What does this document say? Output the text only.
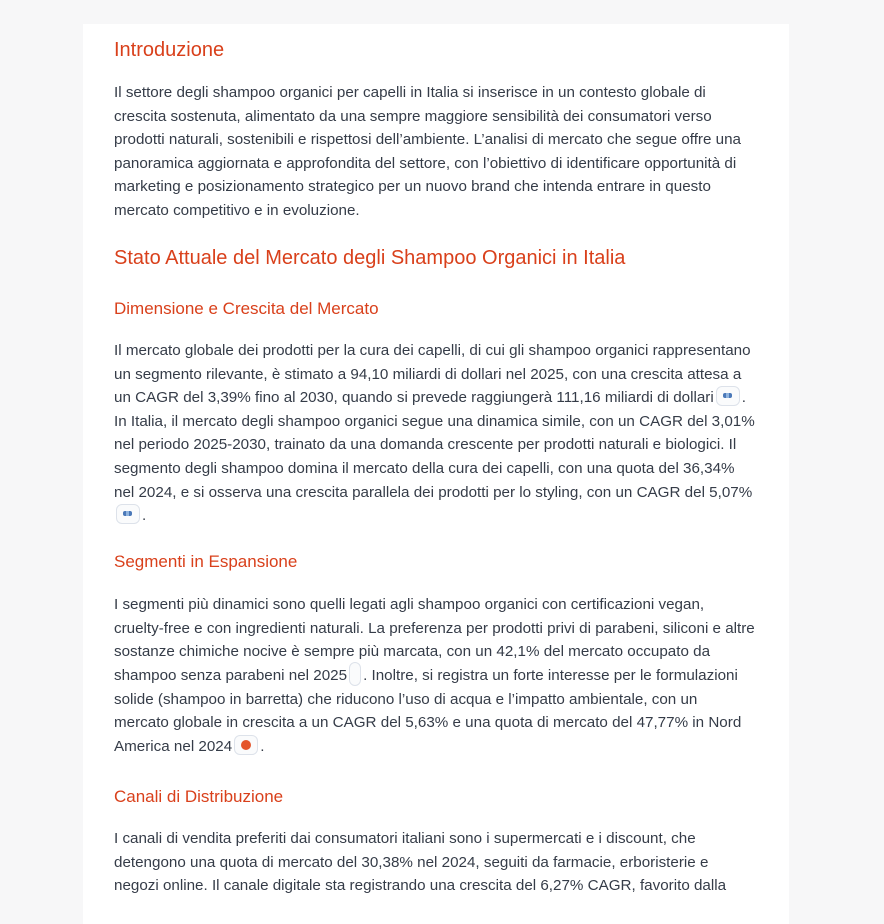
Introduzione

Il settore degli shampoo organici per capelli in Italia si inserisce in un contesto globale di crescita sostenuta, alimentato da una sempre maggiore sensibilità dei consumatori verso prodotti naturali, sostenibili e rispettosi dell’ambiente. L’analisi di mercato che segue offre una panoramica aggiornata e approfondita del settore, con l’obiettivo di identificare opportunità di marketing e posizionamento strategico per un nuovo brand che intenda entrare in questo mercato competitivo e in evoluzione.

Stato Attuale del Mercato degli Shampoo Organici in Italia
Dimensione e Crescita del Mercato

Il mercato globale dei prodotti per la cura dei capelli, di cui gli shampoo organici rappresentano un segmento rilevante, è stimato a 94,10 miliardi di dollari nel 2025, con una crescita attesa a un CAGR del 3,39% fino al 2030, quando si prevede raggiungerà 111,16 miliardi di dollari . In Italia, il mercato degli shampoo organici segue una dinamica simile, con un CAGR del 3,01% nel periodo 2025-2030, trainato da una domanda crescente per prodotti naturali e biologici. Il segmento degli shampoo domina il mercato della cura dei capelli, con una quota del 36,34% nel 2024, e si osserva una crescita parallela dei prodotti per lo styling, con un CAGR del 5,07%.

Segmenti in Espansione

I segmenti più dinamici sono quelli legati agli shampoo organici con certificazioni vegan, cruelty-free e con ingredienti naturali. La preferenza per prodotti privi di parabeni, siliconi e altre sostanze chimiche nocive è sempre più marcata, con un 42,1% del mercato occupato da shampoo senza parabeni nel 2025 . Inoltre, si registra un forte interesse per le formulazioni solide (shampoo in barretta) che riducono l’uso di acqua e l’impatto ambientale, con un mercato globale in crescita a un CAGR del 5,63% e una quota di mercato del 47,77% in Nord America nel 2024 .

Canali di Distribuzione

I canali di vendita preferiti dai consumatori italiani sono i supermercati e i discount, che detengono una quota di mercato del 30,38% nel 2024, seguiti da farmacie, erboristerie e negozi online. Il canale digitale sta registrando una crescita del 6,27% CAGR, favorito dalla
